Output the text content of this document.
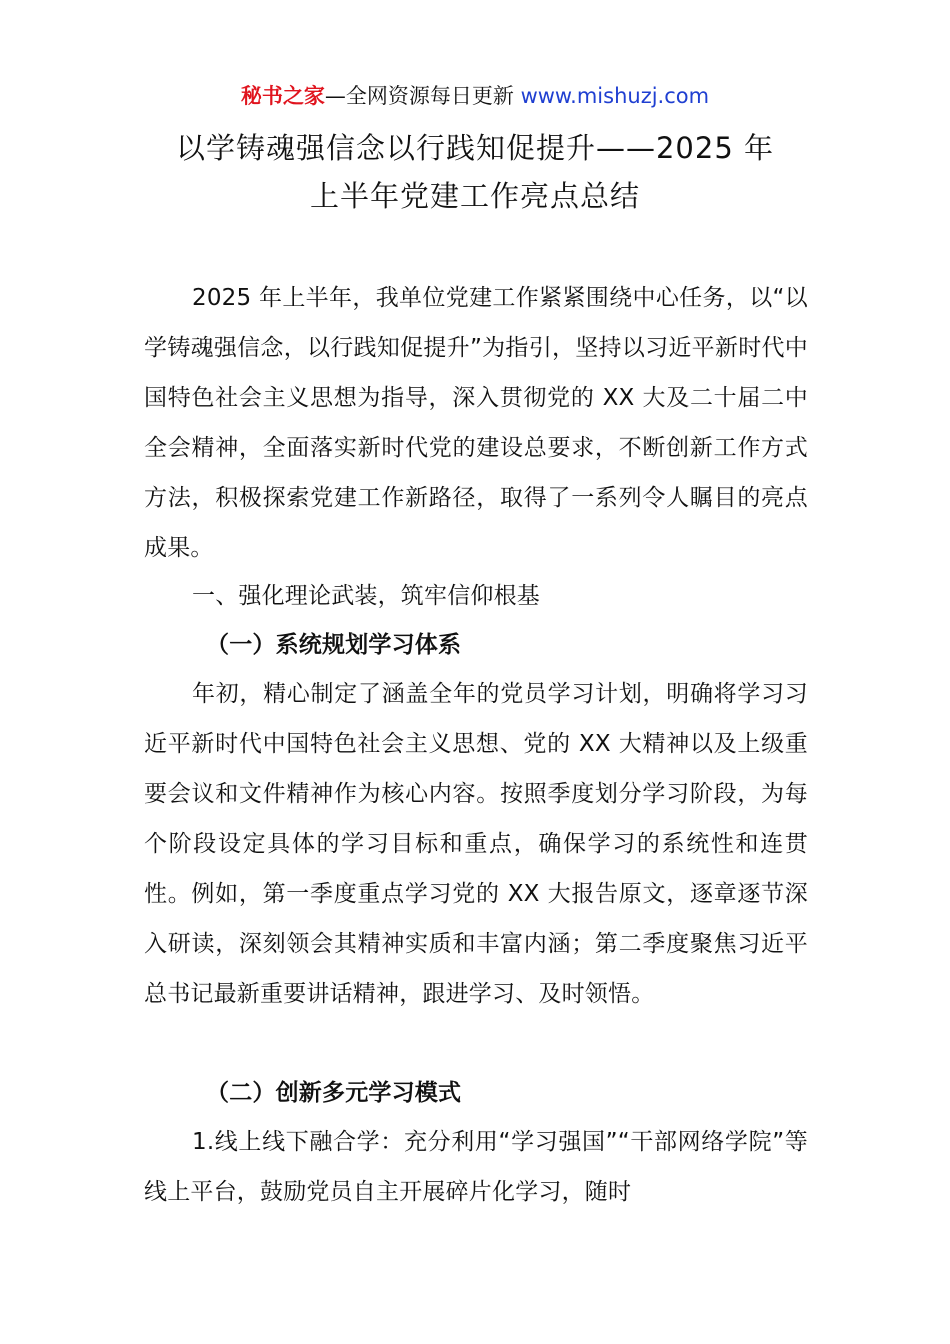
秘书之家—全网资源每日更新 www.mishuzj.com
以学铸魂强信念以行践知促提升——2025 年
上半年党建工作亮点总结
2025 年上半年，我单位党建工作紧紧围绕中心任务，以“以学铸魂强信念，以行践知促提升”为指引，坚持以习近平新时代中国特色社会主义思想为指导，深入贯彻党的 XX 大及二十届二中全会精神，全面落实新时代党的建设总要求，不断创新工作方式方法，积极探索党建工作新路径，取得了一系列令人瞩目的亮点成果。
一、强化理论武装，筑牢信仰根基
（一）系统规划学习体系
年初，精心制定了涵盖全年的党员学习计划，明确将学习习近平新时代中国特色社会主义思想、党的 XX 大精神以及上级重要会议和文件精神作为核心内容。按照季度划分学习阶段，为每个阶段设定具体的学习目标和重点，确保学习的系统性和连贯性。例如，第一季度重点学习党的 XX 大报告原文，逐章逐节深入研读，深刻领会其精神实质和丰富内涵；第二季度聚焦习近平总书记最新重要讲话精神，跟进学习、及时领悟。
（二）创新多元学习模式
1.线上线下融合学：充分利用“学习强国”“干部网络学院”等线上平台，鼓励党员自主开展碎片化学习，随时
